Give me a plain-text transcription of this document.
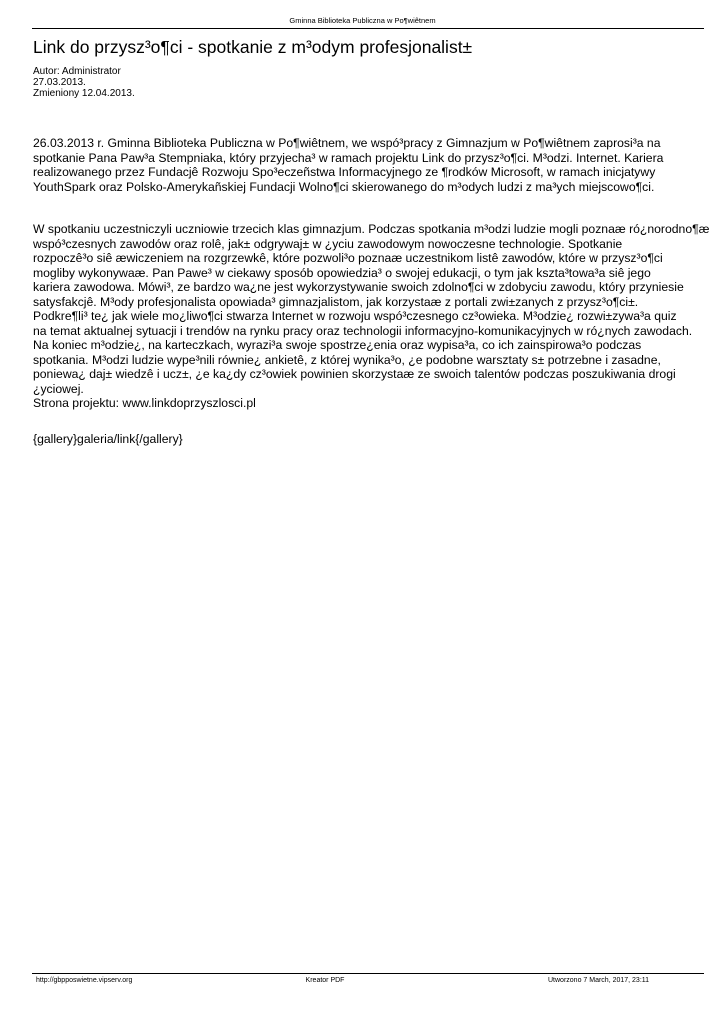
Gminna Biblioteka Publiczna w Po¶wiêtnem
Link do przysz³o¶ci - spotkanie z m³odym profesjonalist±
Autor: Administrator
27.03.2013.
Zmieniony 12.04.2013.

26.03.2013 r. Gminna Biblioteka Publiczna w Po¶wiêtnem, we wspó³pracy z Gimnazjum w Po¶wiêtnem zaprosi³a na
spotkanie Pana Paw³a Stempniaka, który przyjecha³ w ramach projektu Link do przysz³o¶ci. M³odzi. Internet. Kariera
realizowanego przez Fundacjê Rozwoju Spo³eczeñstwa Informacyjnego ze ¶rodków Microsoft, w ramach inicjatywy
YouthSpark oraz Polsko-Amerykañskiej Fundacji Wolno¶ci skierowanego do m³odych ludzi z ma³ych miejscowo¶ci.

W spotkaniu uczestniczyli uczniowie trzecich klas gimnazjum. Podczas spotkania m³odzi ludzie mogli poznaæ ró¿norodno¶æ
wspó³czesnych zawodów oraz rolê, jak± odgrywaj± w ¿yciu zawodowym nowoczesne technologie. Spotkanie
rozpoczê³o siê æwiczeniem na rozgrzewkê, które pozwoli³o poznaæ uczestnikom listê zawodów, które w przysz³o¶ci
mogliby wykonywaæ. Pan Pawe³ w ciekawy sposób opowiedzia³ o swojej edukacji, o tym jak kszta³towa³a siê jego
kariera zawodowa. Mówi³, ze bardzo wa¿ne jest wykorzystywanie swoich zdolno¶ci w zdobyciu zawodu, który przyniesie
satysfakcjê. M³ody profesjonalista opowiada³ gimnazjalistom, jak korzystaæ z portali zwi±zanych z przysz³o¶ci±.
Podkre¶li³ te¿ jak wiele mo¿liwo¶ci stwarza Internet w rozwoju wspó³czesnego cz³owieka. M³odzie¿ rozwi±zywa³a quiz
na temat aktualnej sytuacji i trendów na rynku pracy oraz technologii informacyjno-komunikacyjnych w ró¿nych zawodach.
Na koniec m³odzie¿, na karteczkach, wyrazi³a swoje spostrze¿enia oraz wypisa³a, co ich zainspirowa³o podczas
spotkania. M³odzi ludzie wype³nili równie¿ ankietê, z której wynika³o, ¿e podobne warsztaty s± potrzebne i zasadne,
poniewa¿ daj± wiedzê i ucz±, ¿e ka¿dy cz³owiek powinien skorzystaæ ze swoich talentów podczas poszukiwania drogi
¿yciowej.
Strona projektu: www.linkdoprzyszlosci.pl

{gallery}galeria/link{/gallery}

http://gbpposwietne.vipserv.org	Kreator PDF	Utworzono 7 March, 2017, 23:11
